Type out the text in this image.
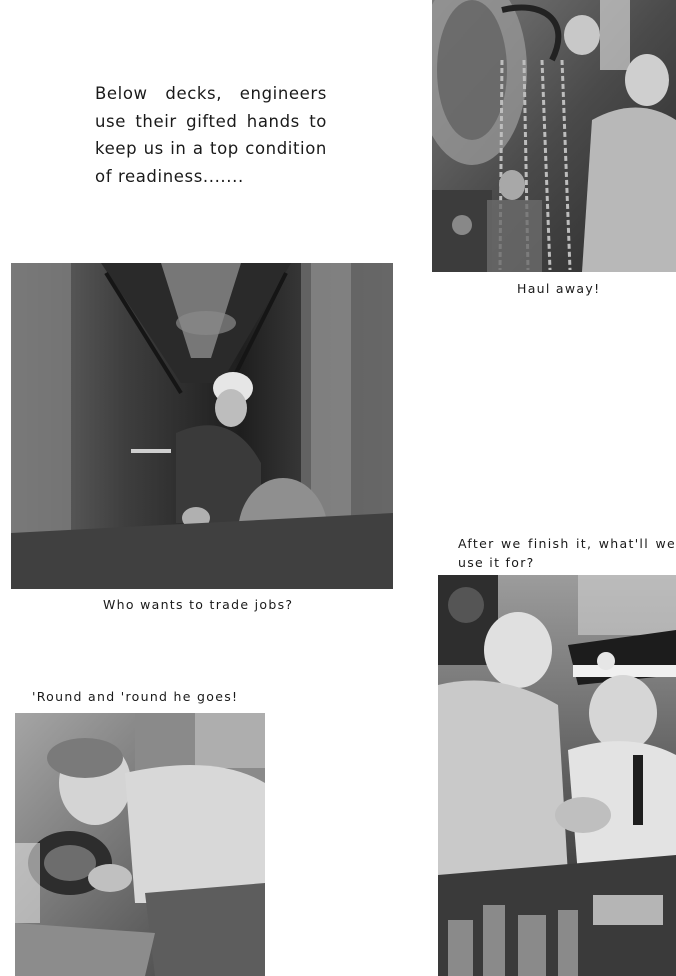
Below decks, engineers use their gifted hands to keep us in a top condition of readiness.......

Haul away!

Who wants to trade jobs?

'Round and 'round he goes!

After we finish it, what'll we use it for?
